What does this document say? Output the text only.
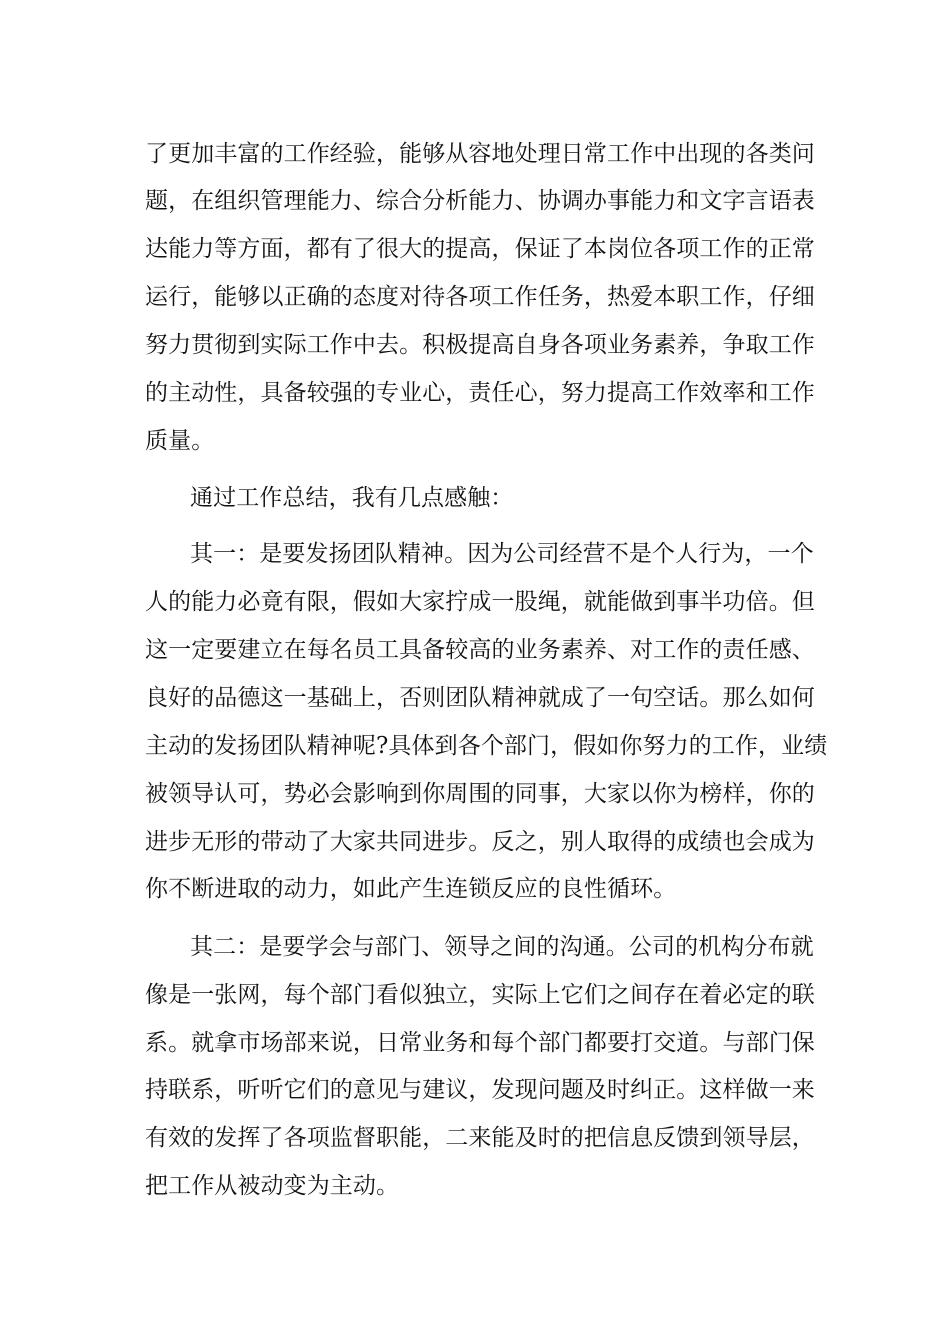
了更加丰富的工作经验，能够从容地处理日常工作中出现的各类问
题，在组织管理能力、综合分析能力、协调办事能力和文字言语表
达能力等方面，都有了很大的提高，保证了本岗位各项工作的正常
运行，能够以正确的态度对待各项工作任务，热爱本职工作，仔细
努力贯彻到实际工作中去。积极提高自身各项业务素养，争取工作
的主动性，具备较强的专业心，责任心，努力提高工作效率和工作
质量。
通过工作总结，我有几点感触：
其一：是要发扬团队精神。因为公司经营不是个人行为，一个
人的能力必竟有限，假如大家拧成一股绳，就能做到事半功倍。但
这一定要建立在每名员工具备较高的业务素养、对工作的责任感、
良好的品德这一基础上，否则团队精神就成了一句空话。那么如何
主动的发扬团队精神呢?具体到各个部门，假如你努力的工作，业绩
被领导认可，势必会影响到你周围的同事，大家以你为榜样，你的
进步无形的带动了大家共同进步。反之，别人取得的成绩也会成为
你不断进取的动力，如此产生连锁反应的良性循环。
其二：是要学会与部门、领导之间的沟通。公司的机构分布就
像是一张网，每个部门看似独立，实际上它们之间存在着必定的联
系。就拿市场部来说，日常业务和每个部门都要打交道。与部门保
持联系，听听它们的意见与建议，发现问题及时纠正。这样做一来
有效的发挥了各项监督职能，二来能及时的把信息反馈到领导层，
把工作从被动变为主动。
